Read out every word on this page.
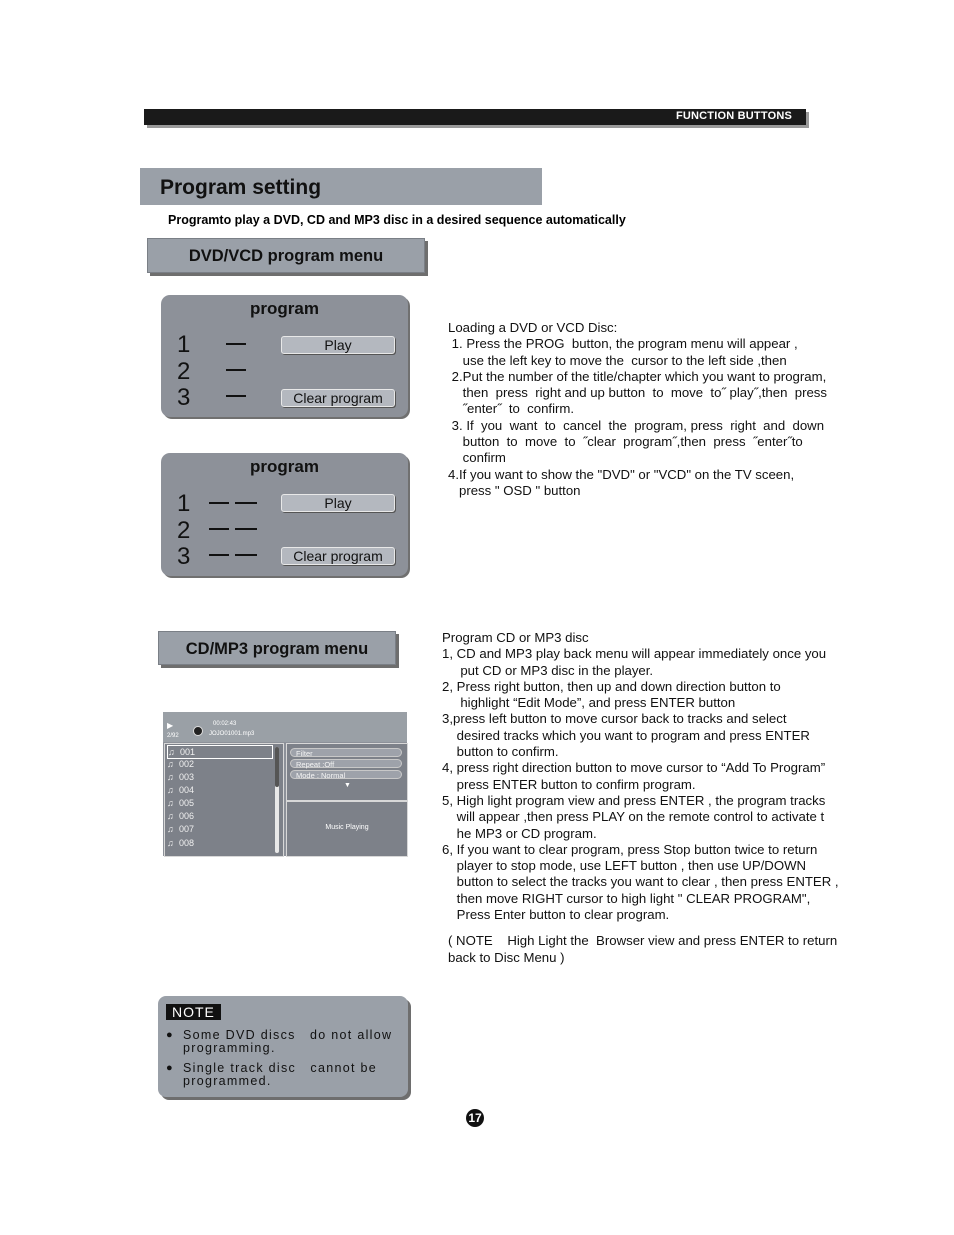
FUNCTION BUTTONS
Program setting
Programto play a DVD, CD and MP3 disc in a desired sequence automatically
DVD/VCD program menu
program
1
2
3
Play
Clear program
program
1
2
3
Play
Clear program
Loading a DVD or VCD Disc:
1. Press the PROG  button, the program menu will appear ,
use the left key to move the  cursor to the left side ,then
2.Put the number of the title/chapter which you want to program,
then  press  right and up button  to  move  to˝ play˝,then  press
˝enter˝  to  confirm.
3. If  you  want  to  cancel  the  program, press  right  and  down
button  to  move  to  ˝clear  program˝,then  press  ˝enter˝to
confirm
4.If you want to show the "DVD" or "VCD" on the TV sceen,
press " OSD " button
CD/MP3 program menu
▶
2/92
00:02:43
JOJO01001.mp3
♫ 001
♫ 002
♫ 003
♫ 004
♫ 005
♫ 006
♫ 007
♫ 008
Filter
Repeat :Off
Mode : Normal
▼
Music Playing
Program CD or MP3 disc
1, CD and MP3 play back menu will appear immediately once you
put CD or MP3 disc in the player.
2, Press right button, then up and down direction button to
highlight “Edit Mode”, and press ENTER button
3,press left button to move cursor back to tracks and select
desired tracks which you want to program and press ENTER
button to confirm.
4, press right direction button to move cursor to “Add To Program”
press ENTER button to confirm program.
5, High light program view and press ENTER , the program tracks
will appear ,then press PLAY on the remote control to activate t
he MP3 or CD program.
6, If you want to clear program, press Stop button twice to return
player to stop mode, use LEFT button , then use UP/DOWN
button to select the tracks you want to clear , then press ENTER ,
then move RIGHT cursor to high light " CLEAR PROGRAM",
Press Enter button to clear program.
( NOTE    High Light the  Browser view and press ENTER to return
back to Disc Menu )
NOTE
● Some DVD discs   do not allow
programming.
● Single track disc   cannot be
programmed.
17
